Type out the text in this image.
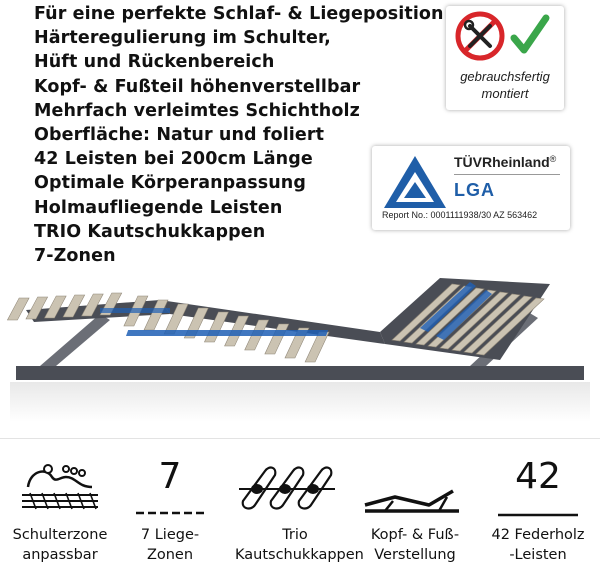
Für eine perfekte Schlaf- & Liegeposition
Härteregulierung im Schulter,
Hüft und Rückenbereich
Kopf- & Fußteil höhenverstellbar
Mehrfach verleimtes Schichtholz
Oberfläche: Natur und foliert
42 Leisten bei 200cm Länge
Optimale Körperanpassung
Holmaufliegende Leisten
TRIO Kautschukkappen
7-Zonen
gebrauchsfertig
montiert
TÜVRheinland®
LGA
Report No.: 0001111938/30 AZ 563462
Schulterzone
anpassbar
7
7 Liege-
Zonen
Trio
Kautschukkappen
Kopf- & Fuß-
Verstellung
42
42 Federholz
-Leisten
